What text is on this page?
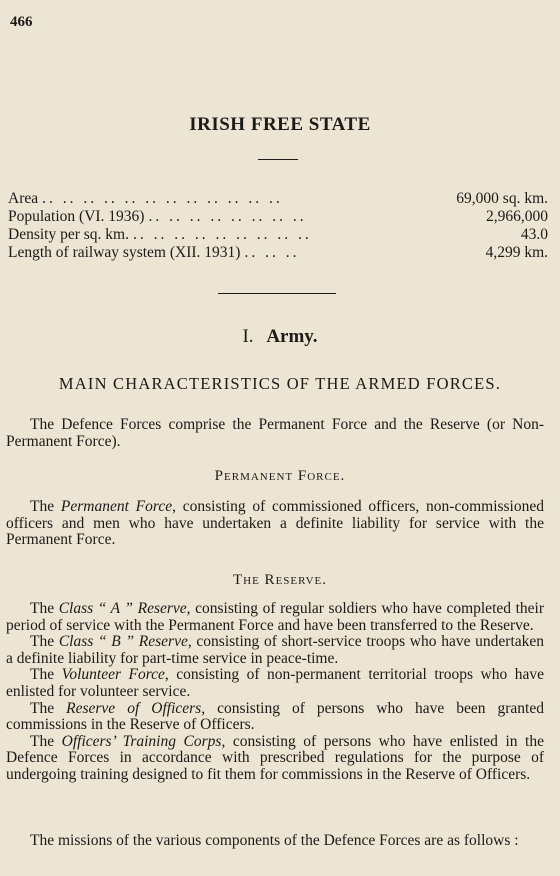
466
IRISH FREE STATE
Area .. .. .. .. .. .. .. .. .. .. .. ..	69,000 sq. km.
Population (VI. 1936) .. .. .. .. .. .. .. ..	2,966,000
Density per sq. km. .. .. .. .. .. .. .. .. ..	43.0
Length of railway system (XII. 1931) .. .. ..	4,299 km.
I. Army.
MAIN CHARACTERISTICS OF THE ARMED FORCES.
The Defence Forces comprise the Permanent Force and the Reserve (or Non-Permanent Force).
Permanent Force.
The Permanent Force, consisting of commissioned officers, non-commissioned officers and men who have undertaken a definite liability for service with the Permanent Force.
The Reserve.
The Class “ A ” Reserve, consisting of regular soldiers who have completed their period of service with the Permanent Force and have been transferred to the Reserve.
The Class “ B ” Reserve, consisting of short-service troops who have undertaken a definite liability for part-time service in peace-time.
The Volunteer Force, consisting of non-permanent territorial troops who have enlisted for volunteer service.
The Reserve of Officers, consisting of persons who have been granted commissions in the Reserve of Officers.
The Officers’ Training Corps, consisting of persons who have enlisted in the Defence Forces in accordance with prescribed regulations for the purpose of undergoing training designed to fit them for commissions in the Reserve of Officers.
The missions of the various components of the Defence Forces are as follows :
